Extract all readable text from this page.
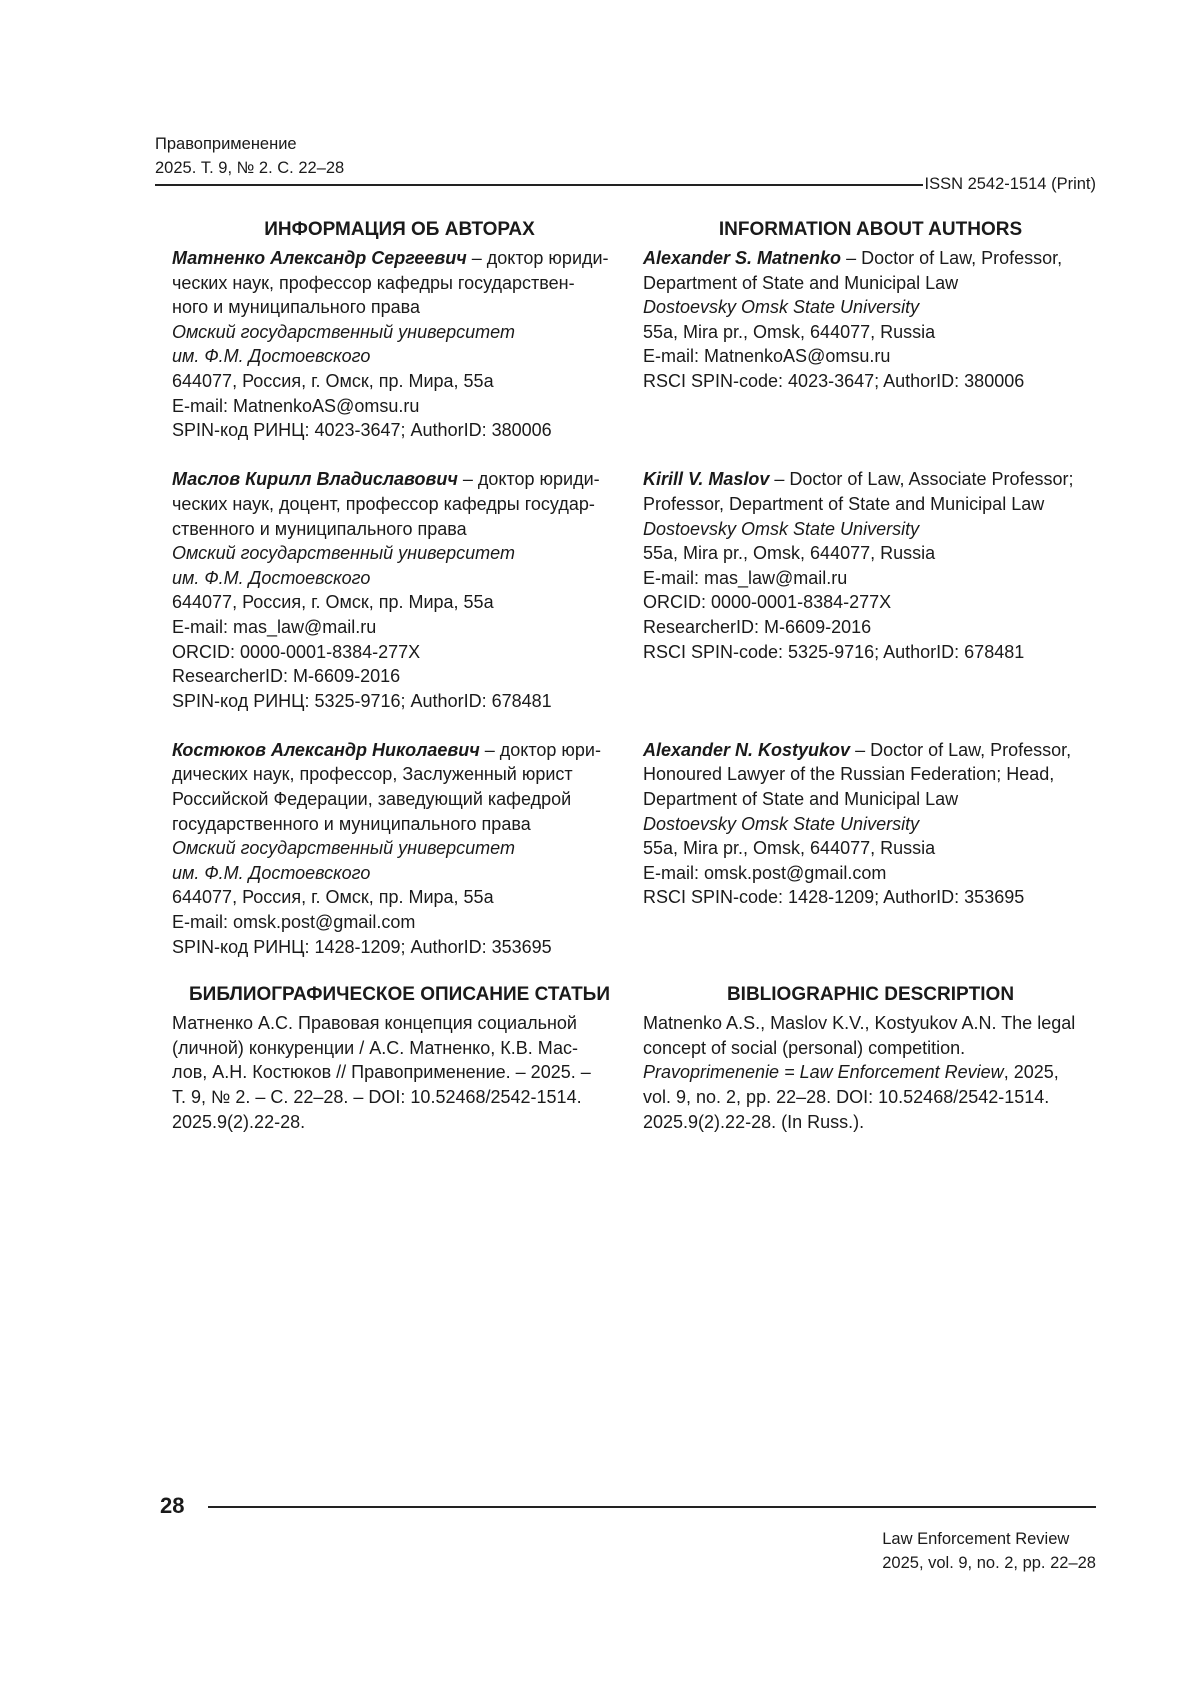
Правоприменение
2025. Т. 9, № 2. С. 22–28
ISSN 2542-1514 (Print)
ИНФОРМАЦИЯ ОБ АВТОРАХ
Матненко Александр Сергеевич – доктор юриди-
ческих наук, профессор кафедры государствен-
ного и муниципального права
Омский государственный университет
им. Ф.М. Достоевского
644077, Россия, г. Омск, пр. Мира, 55а
E-mail: MatnenkoAS@omsu.ru
SPIN-код РИНЦ: 4023-3647; AuthorID: 380006
Маслов Кирилл Владиславович – доктор юриди-
ческих наук, доцент, профессор кафедры государ-
ственного и муниципального права
Омский государственный университет
им. Ф.М. Достоевского
644077, Россия, г. Омск, пр. Мира, 55а
E-mail: mas_law@mail.ru
ORCID: 0000-0001-8384-277X
ResearcherID: M-6609-2016
SPIN-код РИНЦ: 5325-9716; AuthorID: 678481
Костюков Александр Николаевич – доктор юри-
дических наук, профессор, Заслуженный юрист
Российской Федерации, заведующий кафедрой
государственного и муниципального права
Омский государственный университет
им. Ф.М. Достоевского
644077, Россия, г. Омск, пр. Мира, 55а
E-mail: omsk.post@gmail.com
SPIN-код РИНЦ: 1428-1209; AuthorID: 353695
БИБЛИОГРАФИЧЕСКОЕ ОПИСАНИЕ СТАТЬИ
Матненко А.С. Правовая концепция социальной
(личной) конкуренции / А.С. Матненко, К.В. Мас-
лов, А.Н. Костюков // Правоприменение. – 2025. –
Т. 9, № 2. – С. 22–28. – DOI: 10.52468/2542-1514.
2025.9(2).22-28.
INFORMATION ABOUT AUTHORS
Alexander S. Matnenko – Doctor of Law, Professor,
Department of State and Municipal Law
Dostoevsky Omsk State University
55a, Mira pr., Omsk, 644077, Russia
E-mail: MatnenkoAS@omsu.ru
RSCI SPIN-code: 4023-3647; AuthorID: 380006

Kirill V. Maslov – Doctor of Law, Associate Professor;
Professor, Department of State and Municipal Law
Dostoevsky Omsk State University
55a, Mira pr., Omsk, 644077, Russia
E-mail: mas_law@mail.ru
ORCID: 0000-0001-8384-277X
ResearcherID: M-6609-2016
RSCI SPIN-code: 5325-9716; AuthorID: 678481

Alexander N. Kostyukov – Doctor of Law, Professor,
Honoured Lawyer of the Russian Federation; Head,
Department of State and Municipal Law
Dostoevsky Omsk State University
55a, Mira pr., Omsk, 644077, Russia
E-mail: omsk.post@gmail.com
RSCI SPIN-code: 1428-1209; AuthorID: 353695

BIBLIOGRAPHIC DESCRIPTION
Matnenko A.S., Maslov K.V., Kostyukov A.N. The legal
concept of social (personal) competition.
Pravoprimenenie = Law Enforcement Review, 2025,
vol. 9, no. 2, pp. 22–28. DOI: 10.52468/2542-1514.
2025.9(2).22-28. (In Russ.).
28
Law Enforcement Review
2025, vol. 9, no. 2, pp. 22–28
